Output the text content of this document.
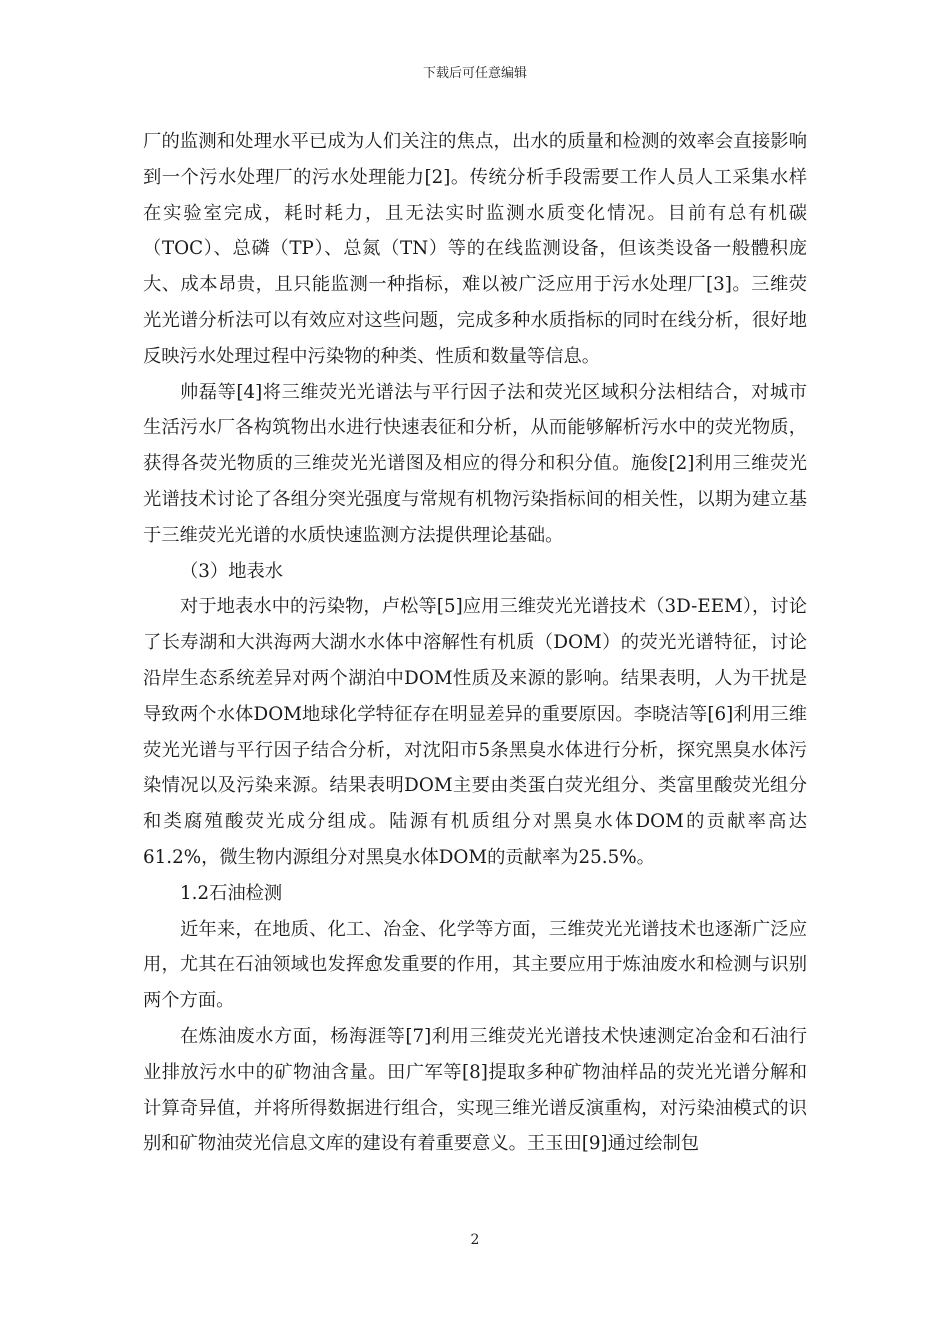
下载后可任意编辑

厂的监测和处理水平已成为人们关注的焦点，出水的质量和检测的效率会直接影响到一个污水处理厂的污水处理能力[2]。传统分析手段需要工作人员人工采集水样在实验室完成，耗时耗力，且无法实时监测水质变化情况。目前有总有机碳（TOC）、总磷（TP）、总氮（TN）等的在线监测设备，但该类设备一般體积庞大、成本昂贵，且只能监测一种指标，难以被广泛应用于污水处理厂[3]。三维荧光光谱分析法可以有效应对这些问题，完成多种水质指标的同时在线分析，很好地反映污水处理过程中污染物的种类、性质和数量等信息。

帅磊等[4]将三维荧光光谱法与平行因子法和荧光区域积分法相结合，对城市生活污水厂各构筑物出水进行快速表征和分析，从而能够解析污水中的荧光物质，获得各荧光物质的三维荧光光谱图及相应的得分和积分值。施俊[2]利用三维荧光光谱技术讨论了各组分突光强度与常规有机物污染指标间的相关性，以期为建立基于三维荧光光谱的水质快速监测方法提供理论基础。

（3）地表水

对于地表水中的污染物，卢松等[5]应用三维荧光光谱技术（3D-EEM），讨论了长寿湖和大洪海两大湖水水体中溶解性有机质（DOM）的荧光光谱特征，讨论沿岸生态系统差异对两个湖泊中DOM性质及来源的影响。结果表明，人为干扰是导致两个水体DOM地球化学特征存在明显差异的重要原因。李晓洁等[6]利用三维荧光光谱与平行因子结合分析，对沈阳市5条黑臭水体进行分析，探究黑臭水体污染情况以及污染来源。结果表明DOM主要由类蛋白荧光组分、类富里酸荧光组分和类腐殖酸荧光成分组成。陆源有机质组分对黑臭水体DOM的贡献率高达61.2%，微生物内源组分对黑臭水体DOM的贡献率为25.5%。

1.2石油检测

近年来，在地质、化工、冶金、化学等方面，三维荧光光谱技术也逐渐广泛应用，尤其在石油领域也发挥愈发重要的作用，其主要应用于炼油废水和检测与识别两个方面。

在炼油废水方面，杨海涯等[7]利用三维荧光光谱技术快速测定冶金和石油行业排放污水中的矿物油含量。田广军等[8]提取多种矿物油样品的荧光光谱分解和计算奇异值，并将所得数据进行组合，实现三维光谱反演重构，对污染油模式的识别和矿物油荧光信息文库的建设有着重要意义。王玉田[9]通过绘制包

2
